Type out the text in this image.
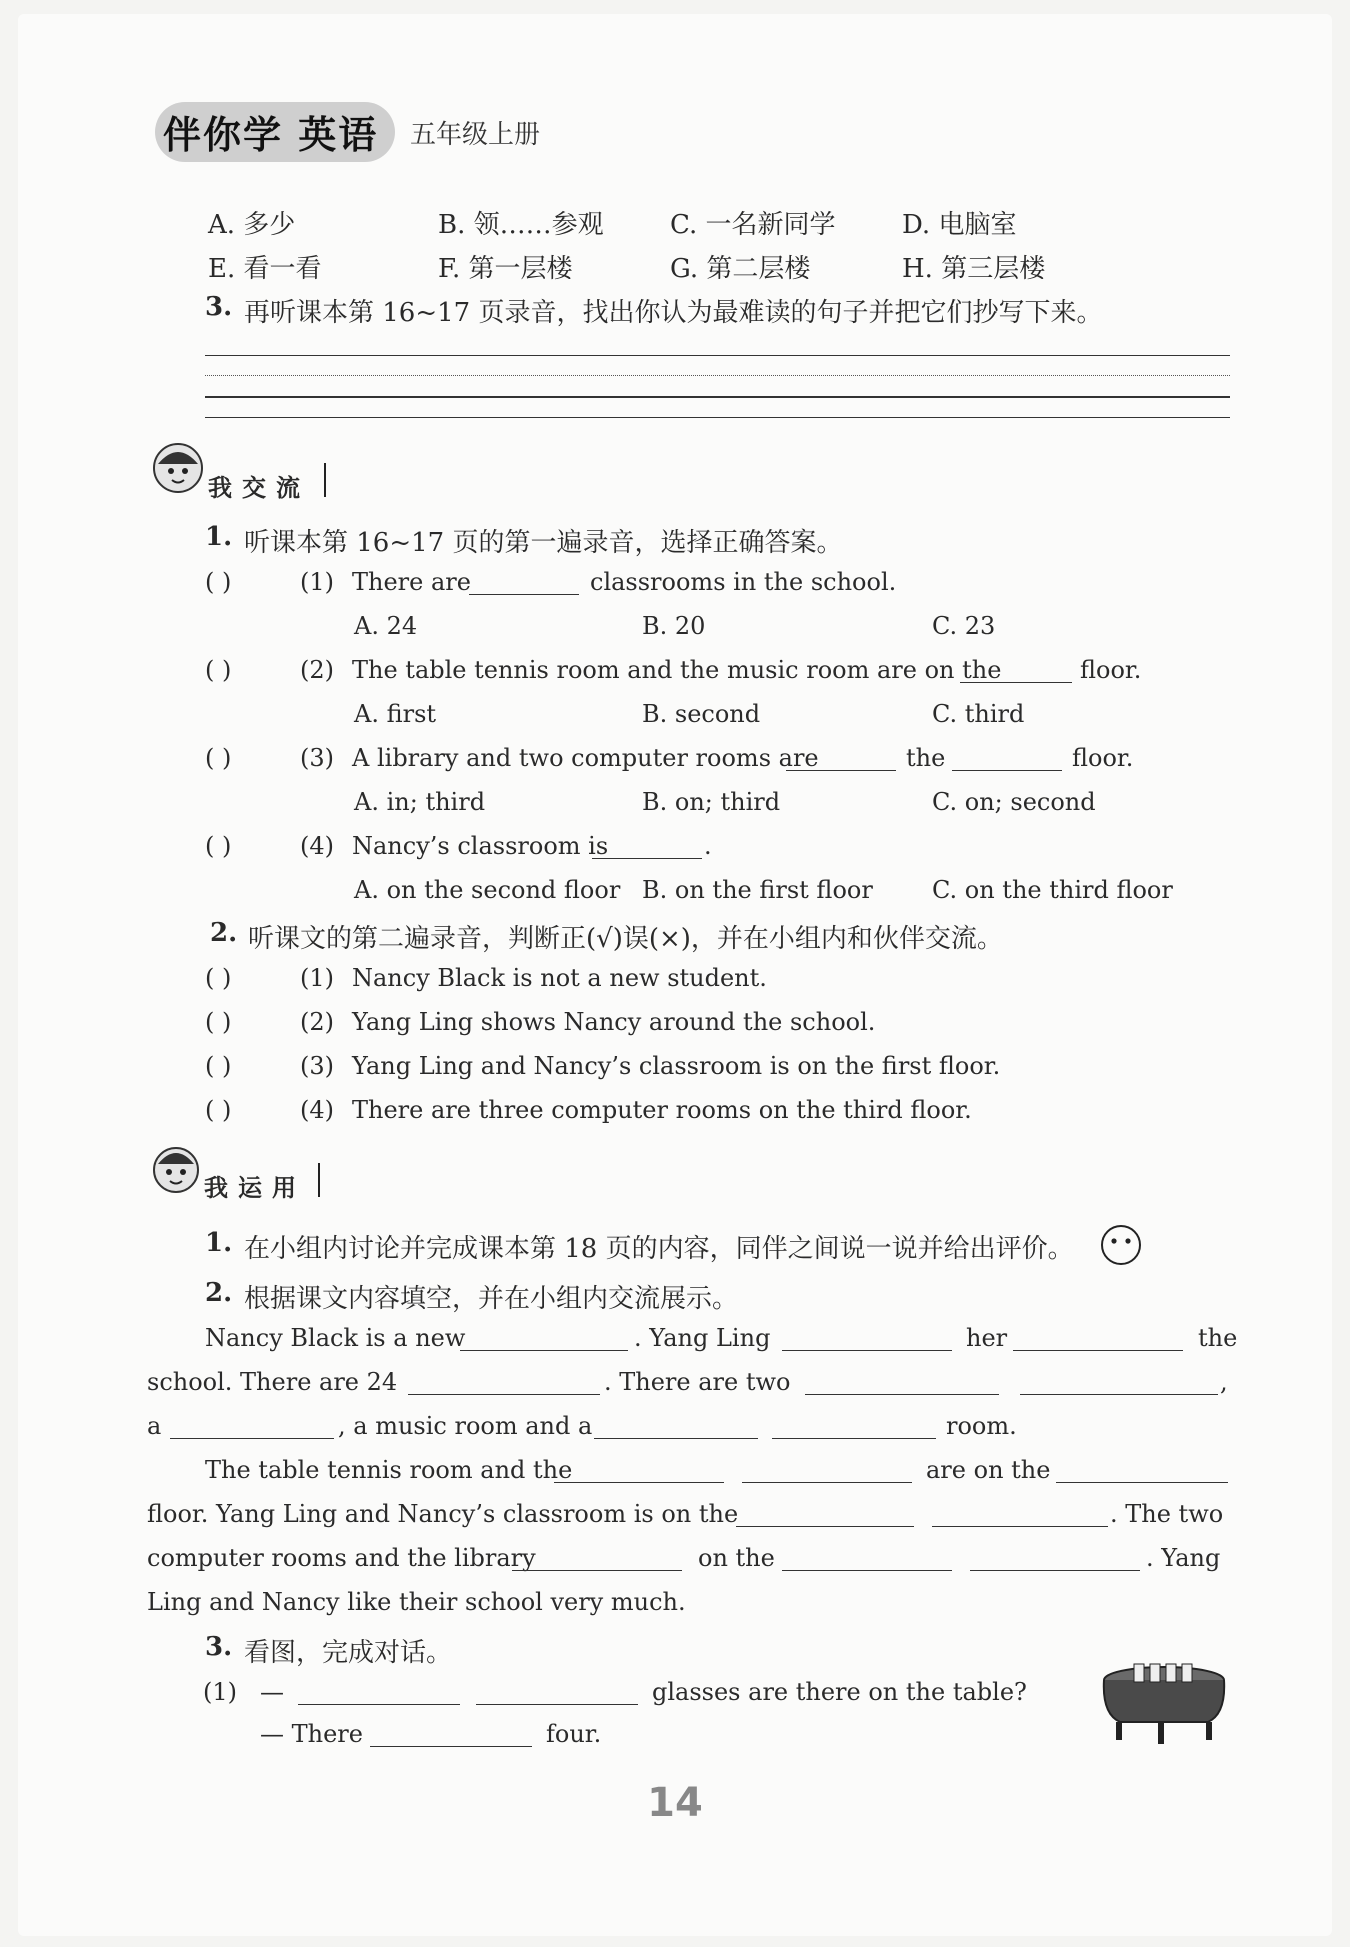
伴你学 英语 五年级上册
A. 多少	B. 领……参观	C. 一名新同学	D. 电脑室
E. 看一看	F. 第一层楼	G. 第二层楼	H. 第三层楼
3. 再听课本第 16~17 页录音，找出你认为最难读的句子并把它们抄写下来。
我交流
1. 听课本第 16~17 页的第一遍录音，选择正确答案。
( )	(1) There are	classrooms in the school.
A. 24	B. 20	C. 23
( )	(2) The table tennis room and the music room are on the	floor.
A. first	B. second	C. third
( )	(3) A library and two computer rooms are	the	floor.
A. in; third	B. on; third	C. on; second
( )	(4) Nancy’s classroom is	.
A. on the second floor B. on the first floor C. on the third floor
2. 听课文的第二遍录音，判断正(√)误(×)，并在小组内和伙伴交流。
( )	(1) Nancy Black is not a new student.
( )	(2) Yang Ling shows Nancy around the school.
( )	(3) Yang Ling and Nancy’s classroom is on the first floor.
( )	(4) There are three computer rooms on the third floor.
我运用
1. 在小组内讨论并完成课本第 18 页的内容，同伴之间说一说并给出评价。
2. 根据课文内容填空，并在小组内交流展示。
Nancy Black is a new	. Yang Ling	her	the
school. There are 24	. There are two	,
a	, a music room and a	room.
The table tennis room and the	are on the
floor. Yang Ling and Nancy’s classroom is on the	. The two
computer rooms and the library	on the	. Yang
Ling and Nancy like their school very much.
3. 看图，完成对话。
(1) —	glasses are there on the table?
— There	four.
14
